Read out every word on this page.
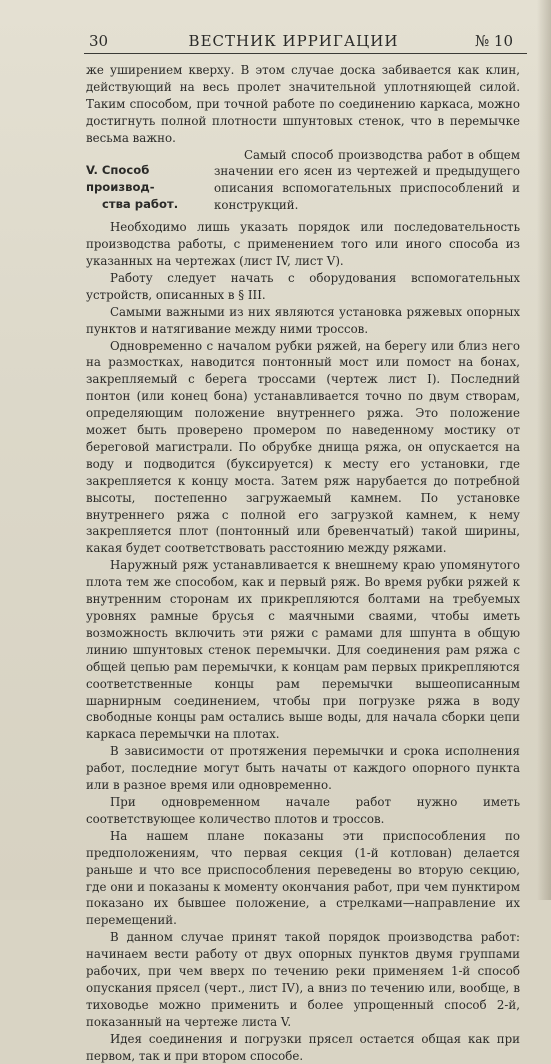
30	ВЕСТНИК ИРРИГАЦИИ	№ 10

же уширением кверху. В этом случае доска забивается как клин, действующий на весь пролет значительной уплотняющей силой. Таким способом, при точной работе по соединению каркаса, можно достигнуть полной плотности шпунтовых стенок, что в перемычке весьма важно.

V. Способ производ-
ства работ.

Самый способ производства работ в общем значении его ясен из чертежей и предыдущего описания вспомогательных приспособлений и конструкций.

Необходимо лишь указать порядок или последовательность производства работы, с применением того или иного способа из указанных на чертежах (лист IV, лист V).

Работу следует начать с оборудования вспомогательных устройств, описанных в § III.

Самыми важными из них являются установка ряжевых опорных пунктов и натягивание между ними тросcов.

Одновременно с началом рубки ряжей, на берегу или близ него на размостках, наводится понтонный мост или помост на бонах, закрепляемый с берега троссами (чертеж лист I). Последний понтон (или конец бона) устанавливается точно по двум створам, определяющим положение внутреннего ряжа. Это положение может быть проверено промером по наведенному мостику от береговой магистрали. По обрубке днища ряжа, он опускается на воду и подводится (буксируется) к месту его установки, где закрепляется к концу моста. Затем ряж нарубается до потребной высоты, постепенно загружаемый камнем. По установке внутреннего ряжа с полной его загрузкой камнем, к нему закрепляется плот (понтонный или бревенчатый) такой ширины, какая будет соответствовать расстоянию между ряжами.

Наружный ряж устанавливается к внешнему краю упомянутого плота тем же способом, как и первый ряж. Во время рубки ряжей к внутренним сторонам их прикрепляются болтами на требуемых уровнях рамные брусья с маячными сваями, чтобы иметь возможность включить эти ряжи с рамами для шпунта в общую линию шпунтовых стенок перемычки. Для соединения рам ряжа с общей цепью рам перемычки, к концам рам первых прикрепляются соответственные концы рам перемычки вышеописанным шарнирным соединением, чтобы при погрузке ряжа в воду свободные концы рам остались выше воды, для начала сборки цепи каркаса перемычки на плотах.

В зависимости от протяжения перемычки и срока исполнения работ, последние могут быть начаты от каждого опорного пункта или в разное время или одновременно.

При одновременном начале работ нужно иметь соответствующее количество плотов и тросcов.

На нашем плане показаны эти приспособления по предположениям, что первая секция (1-й котлован) делается раньше и что все приспособления переведены во вторую секцию, где они и показаны к моменту окончания работ, при чем пунктиром показано их бывшее положение, а стрелками—направление их перемещений.

В данном случае принят такой порядок производства работ: начинаем вести работу от двух опорных пунктов двумя группами рабочих, при чем вверх по течению реки применяем 1-й способ опускания прясел (черт., лист IV), а вниз по течению или, вообще, в тиховодье можно применить и более упрощенный способ 2-й, показанный на чертеже листа V.

Идея соединения и погрузки прясел остается общая как при первом, так и при втором способе.
